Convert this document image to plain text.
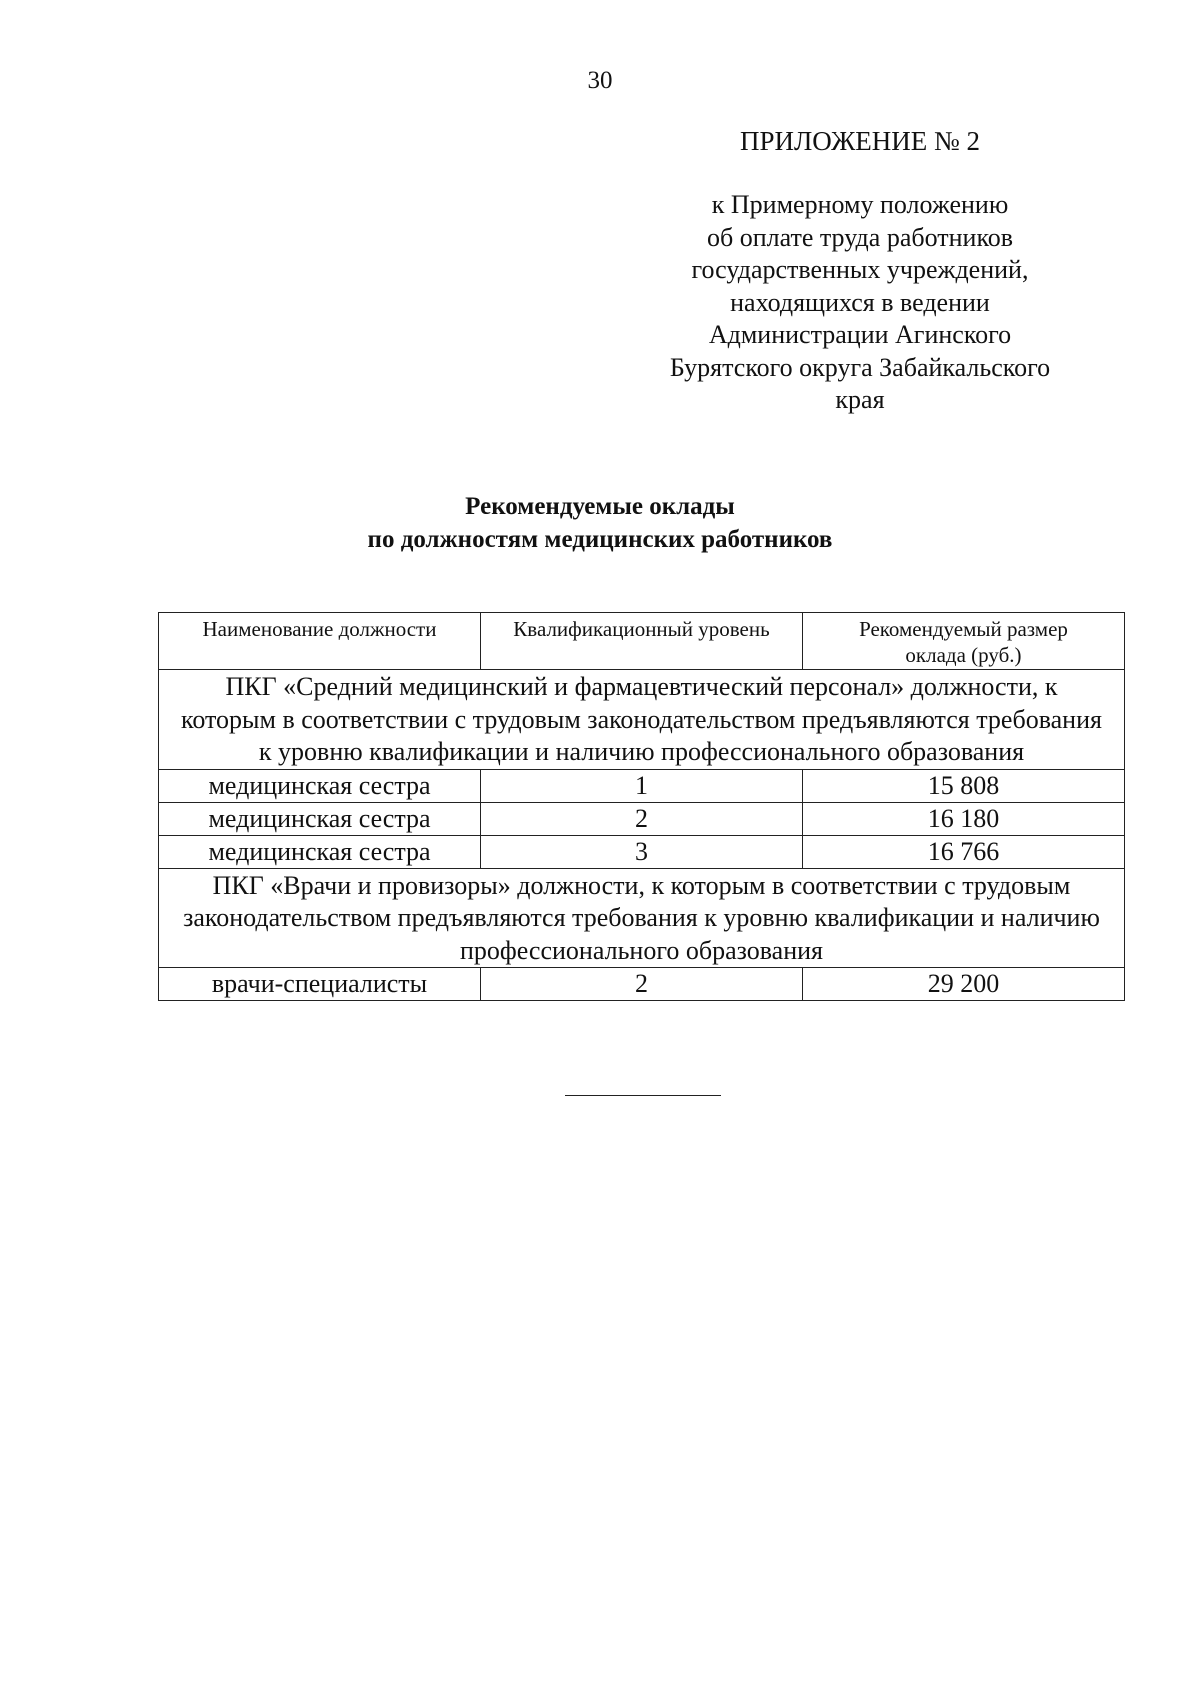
30
ПРИЛОЖЕНИЕ № 2
к Примерному положению
об оплате труда работников
государственных учреждений,
находящихся в ведении
Администрации Агинского
Бурятского округа Забайкальского
края
Рекомендуемые оклады
по должностям медицинских работников
Наименование должности	Квалификационный уровень	Рекомендуемый размер оклада (руб.)
ПКГ «Средний медицинский и фармацевтический персонал» должности, к которым в соответствии с трудовым законодательством предъявляются требования к уровню квалификации и наличию профессионального образования		
медицинская сестра	1	15 808
медицинская сестра	2	16 180
медицинская сестра	3	16 766
ПКГ «Врачи и провизоры» должности, к которым в соответствии с трудовым законодательством предъявляются требования к уровню квалификации и наличию профессионального образования		
врачи-специалисты	2	29 200
